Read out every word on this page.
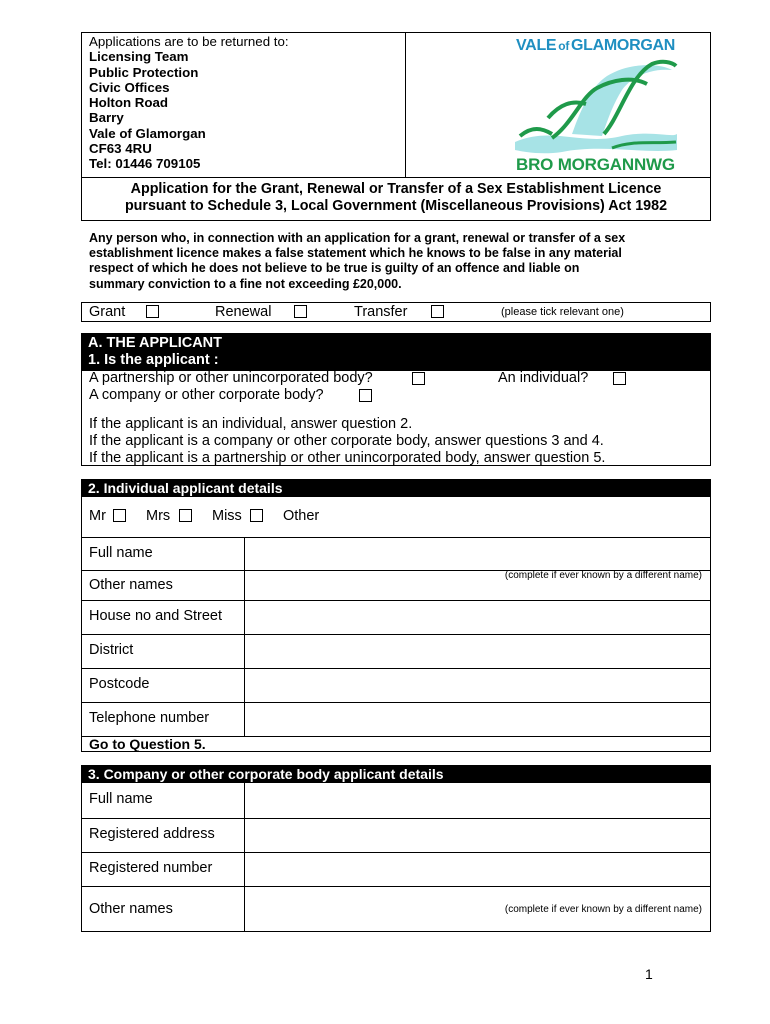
Applications are to be returned to:
Licensing Team
Public Protection
Civic Offices
Holton Road
Barry
Vale of Glamorgan
CF63 4RU
Tel: 01446 709105
VALE of GLAMORGAN
BRO MORGANNWG
Application for the Grant, Renewal or Transfer of a Sex Establishment Licence
pursuant to Schedule 3, Local Government (Miscellaneous Provisions) Act 1982
Any person who, in connection with an application for a grant, renewal or transfer of a sex
establishment licence makes a false statement which he knows to be false in any material
respect of which he does not believe to be true is guilty of an offence and liable on
summary conviction to a fine not exceeding £20,000.
Grant	Renewal	Transfer	(please tick relevant one)
A. THE APPLICANT
1. Is the applicant :
A partnership or other unincorporated body?	An individual?
A company or other corporate body?
If the applicant is an individual, answer question 2.
If the applicant is a company or other corporate body, answer questions 3 and 4.
If the applicant is a partnership or other unincorporated body, answer question 5.
2. Individual applicant details
Mr	Mrs	Miss	Other
Full name
Other names
(complete if ever known by a different name)
House no and Street
District
Postcode
Telephone number
Go to Question 5.
3. Company or other corporate body applicant details
Full name
Registered address
Registered number
Other names	(complete if ever known by a different name)
1
